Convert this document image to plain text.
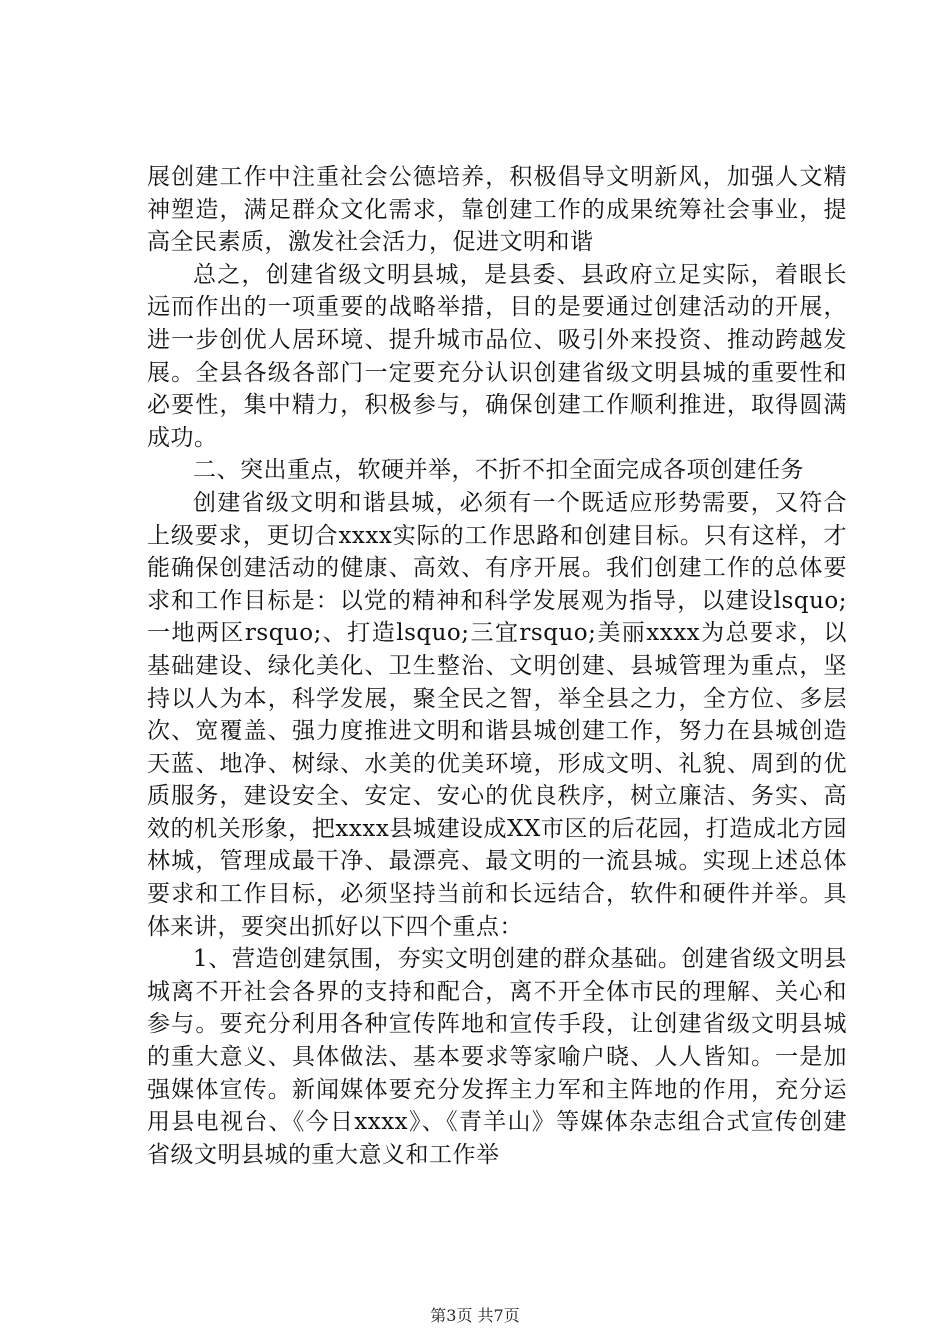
展创建工作中注重社会公德培养，积极倡导文明新风，加强人文精神塑造，满足群众文化需求，靠创建工作的成果统筹社会事业，提高全民素质，激发社会活力，促进文明和谐

总之，创建省级文明县城，是县委、县政府立足实际，着眼长远而作出的一项重要的战略举措，目的是要通过创建活动的开展，进一步创优人居环境、提升城市品位、吸引外来投资、推动跨越发展。全县各级各部门一定要充分认识创建省级文明县城的重要性和必要性，集中精力，积极参与，确保创建工作顺利推进，取得圆满成功。

二、突出重点，软硬并举，不折不扣全面完成各项创建任务

创建省级文明和谐县城，必须有一个既适应形势需要，又符合上级要求，更切合xxxx实际的工作思路和创建目标。只有这样，才能确保创建活动的健康、高效、有序开展。我们创建工作的总体要求和工作目标是：以党的精神和科学发展观为指导，以建设lsquo;一地两区rsquo;、打造lsquo;三宜rsquo;美丽xxxx为总要求，以基础建设、绿化美化、卫生整治、文明创建、县城管理为重点，坚持以人为本，科学发展，聚全民之智，举全县之力，全方位、多层次、宽覆盖、强力度推进文明和谐县城创建工作，努力在县城创造天蓝、地净、树绿、水美的优美环境，形成文明、礼貌、周到的优质服务，建设安全、安定、安心的优良秩序，树立廉洁、务实、高效的机关形象，把xxxx县城建设成XX市区的后花园，打造成北方园林城，管理成最干净、最漂亮、最文明的一流县城。实现上述总体要求和工作目标，必须坚持当前和长远结合，软件和硬件并举。具体来讲，要突出抓好以下四个重点：

1、营造创建氛围，夯实文明创建的群众基础。创建省级文明县城离不开社会各界的支持和配合，离不开全体市民的理解、关心和参与。要充分利用各种宣传阵地和宣传手段，让创建省级文明县城的重大意义、具体做法、基本要求等家喻户晓、人人皆知。一是加强媒体宣传。新闻媒体要充分发挥主力军和主阵地的作用，充分运用县电视台、《今日xxxx》、《青羊山》等媒体杂志组合式宣传创建省级文明县城的重大意义和工作举

第3页 共7页
